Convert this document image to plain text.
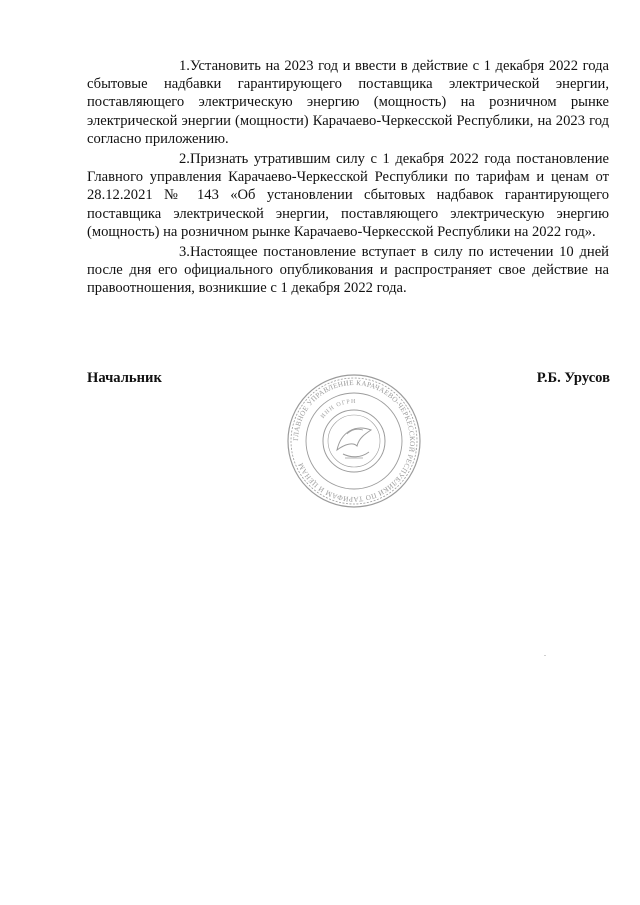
1.Установить на 2023 год и ввести в действие с 1 декабря 2022 года сбытовые надбавки гарантирующего поставщика электрической энергии, поставляющего электрическую энергию (мощность) на розничном рынке электрической энергии (мощности) Карачаево-Черкесской Республики, на 2023 год согласно приложению.

2.Признать утратившим силу с 1 декабря 2022 года постановление Главного управления Карачаево-Черкесской Республики по тарифам и ценам от 28.12.2021 № 143 «Об установлении сбытовых надбавок гарантирующего поставщика электрической энергии, поставляющего электрическую энергию (мощность) на розничном рынке Карачаево-Черкесской Республики на 2022 год».

3.Настоящее постановление вступает в силу по истечении 10 дней после дня его официального опубликования и распространяет свое действие на правоотношения, возникшие с 1 декабря 2022 года.

Начальник	Р.Б. Урусов
ГЛАВНОЕ УПРАВЛЕНИЕ КАРАЧАЕВО-ЧЕРКЕССКОЙ РЕСПУБЛИКИ ПО ТАРИФАМ И ЦЕНАМ
ИНН ОГРН
